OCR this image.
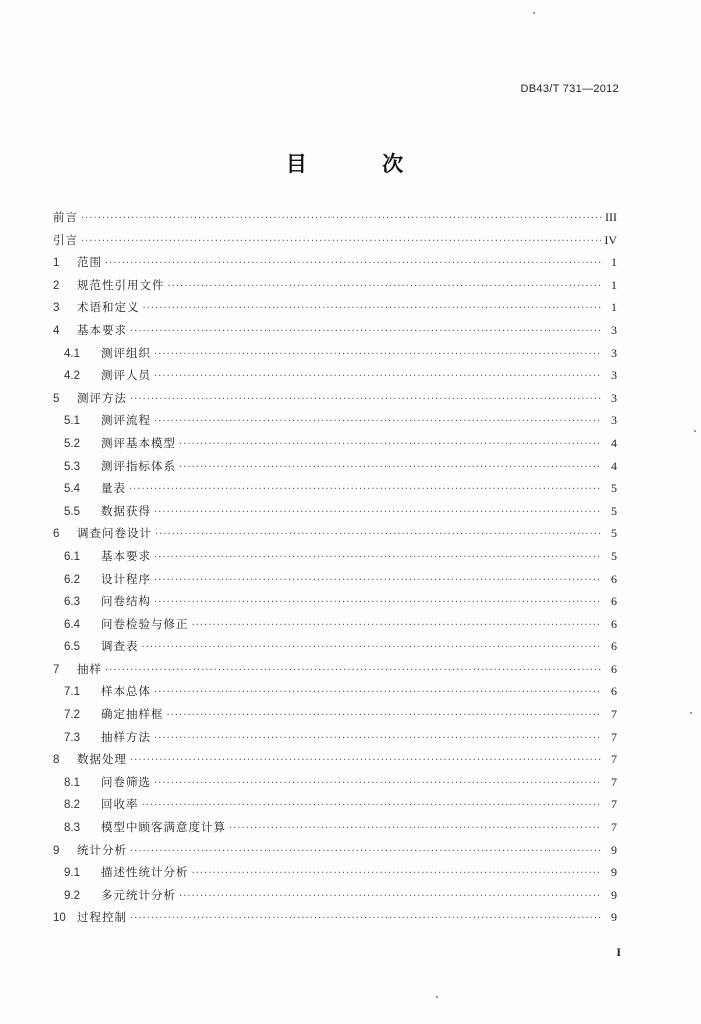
DB43/T 731—2012
目 次
前言 ·····	III
引言 ·····	IV
1	范围 ·····	1
2	规范性引用文件 ·····	1
3	术语和定义 ·····	1
4	基本要求 ·····	3
4.1	测评组织 ·····	3
4.2	测评人员 ·····	3
5	测评方法 ·····	3
5.1	测评流程 ·····	3
5.2	测评基本模型 ·····	4
5.3	测评指标体系 ·····	4
5.4	量表 ·····	5
5.5	数据获得 ·····	5
6	调查问卷设计 ·····	5
6.1	基本要求 ·····	5
6.2	设计程序 ·····	6
6.3	问卷结构 ·····	6
6.4	问卷检验与修正 ·····	6
6.5	调查表 ·····	6
7	抽样 ·····	6
7.1	样本总体 ·····	6
7.2	确定抽样框 ·····	7
7.3	抽样方法 ·····	7
8	数据处理 ·····	7
8.1	问卷筛选 ·····	7
8.2	回收率 ·····	7
8.3	模型中顾客满意度计算 ·····	7
9	统计分析 ·····	9
9.1	描述性统计分析 ·····	9
9.2	多元统计分析 ·····	9
10 过程控制 ·····	9
I
